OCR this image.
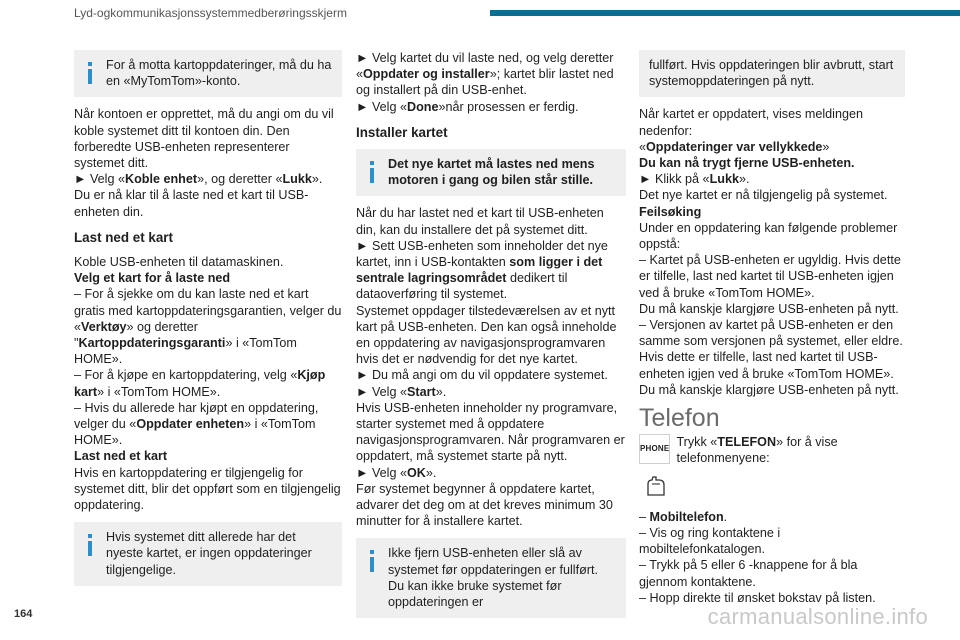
Lyd-ogkommunikasjonssystemmedberøringsskjerm
For å motta kartoppdateringer, må du ha en «MyTomTom»-konto.

Når kontoen er opprettet, må du angi om du vil koble systemet ditt til kontoen din. Den forberedte USB-enheten representerer systemet ditt.

► Velg «Koble enhet», og deretter «Lukk».

Du er nå klar til å laste ned et kart til USB-enheten din.

Last ned et kart

Koble USB-enheten til datamaskinen.

Velg et kart for å laste ned

– For å sjekke om du kan laste ned et kart gratis med kartoppdateringsgarantien, velger du «Verktøy» og deretter "Kartoppdateringsgaranti» i «TomTom HOME».

– For å kjøpe en kartoppdatering, velg «Kjøp kart» i «TomTom HOME».

– Hvis du allerede har kjøpt en oppdatering, velger du «Oppdater enheten» i «TomTom HOME».

Last ned et kart

Hvis en kartoppdatering er tilgjengelig for systemet ditt, blir det oppført som en tilgjengelig oppdatering.

Hvis systemet ditt allerede har det nyeste kartet, er ingen oppdateringer tilgjengelige.

► Velg kartet du vil laste ned, og velg deretter «Oppdater og installer»; kartet blir lastet ned og installert på din USB-enhet.

► Velg «Done»når prosessen er ferdig.

Installer kartet
Det nye kartet må lastes ned mens motoren i gang og bilen står stille.

Når du har lastet ned et kart til USB-enheten din, kan du installere det på systemet ditt.

► Sett USB-enheten som inneholder det nye kartet, inn i USB-kontakten som ligger i det sentrale lagringsområdet dedikert til dataoverføring til systemet.

Systemet oppdager tilstedeværelsen av et nytt kart på USB-enheten. Den kan også inneholde en oppdatering av navigasjonsprogramvaren hvis det er nødvendig for det nye kartet.

► Du må angi om du vil oppdatere systemet.

► Velg «Start».

Hvis USB-enheten inneholder ny programvare, starter systemet med å oppdatere navigasjonsprogramvaren. Når programvaren er oppdatert, må systemet starte på nytt.

► Velg «OK».

Før systemet begynner å oppdatere kartet, advarer det deg om at det kreves minimum 30 minutter for å installere kartet.

Ikke fjern USB-enheten eller slå av systemet før oppdateringen er fullført. Du kan ikke bruke systemet før oppdateringen er
fullført. Hvis oppdateringen blir avbrutt, start systemoppdateringen på nytt.

Når kartet er oppdatert, vises meldingen nedenfor:

«Oppdateringer var vellykkede»

Du kan nå trygt fjerne USB-enheten.

► Klikk på «Lukk».

Det nye kartet er nå tilgjengelig på systemet.

Feilsøking

Under en oppdatering kan følgende problemer oppstå:

– Kartet på USB-enheten er ugyldig. Hvis dette er tilfelle, last ned kartet til USB-enheten igjen ved å bruke «TomTom HOME».

Du må kanskje klargjøre USB-enheten på nytt.

– Versjonen av kartet på USB-enheten er den samme som versjonen på systemet, eller eldre. Hvis dette er tilfelle, last ned kartet til USB-enheten igjen ved å bruke «TomTom HOME».

Du må kanskje klargjøre USB-enheten på nytt.

Telefon
PHONE Trykk «TELEFON» for å vise telefonmenyene:

– Mobiltelefon.

– Vis og ring kontaktene i mobiltelefonkatalogen.

– Trykk på 5 eller 6 -knappene for å bla gjennom kontaktene.

– Hopp direkte til ønsket bokstav på listen.

164	carmanualsonline.info
